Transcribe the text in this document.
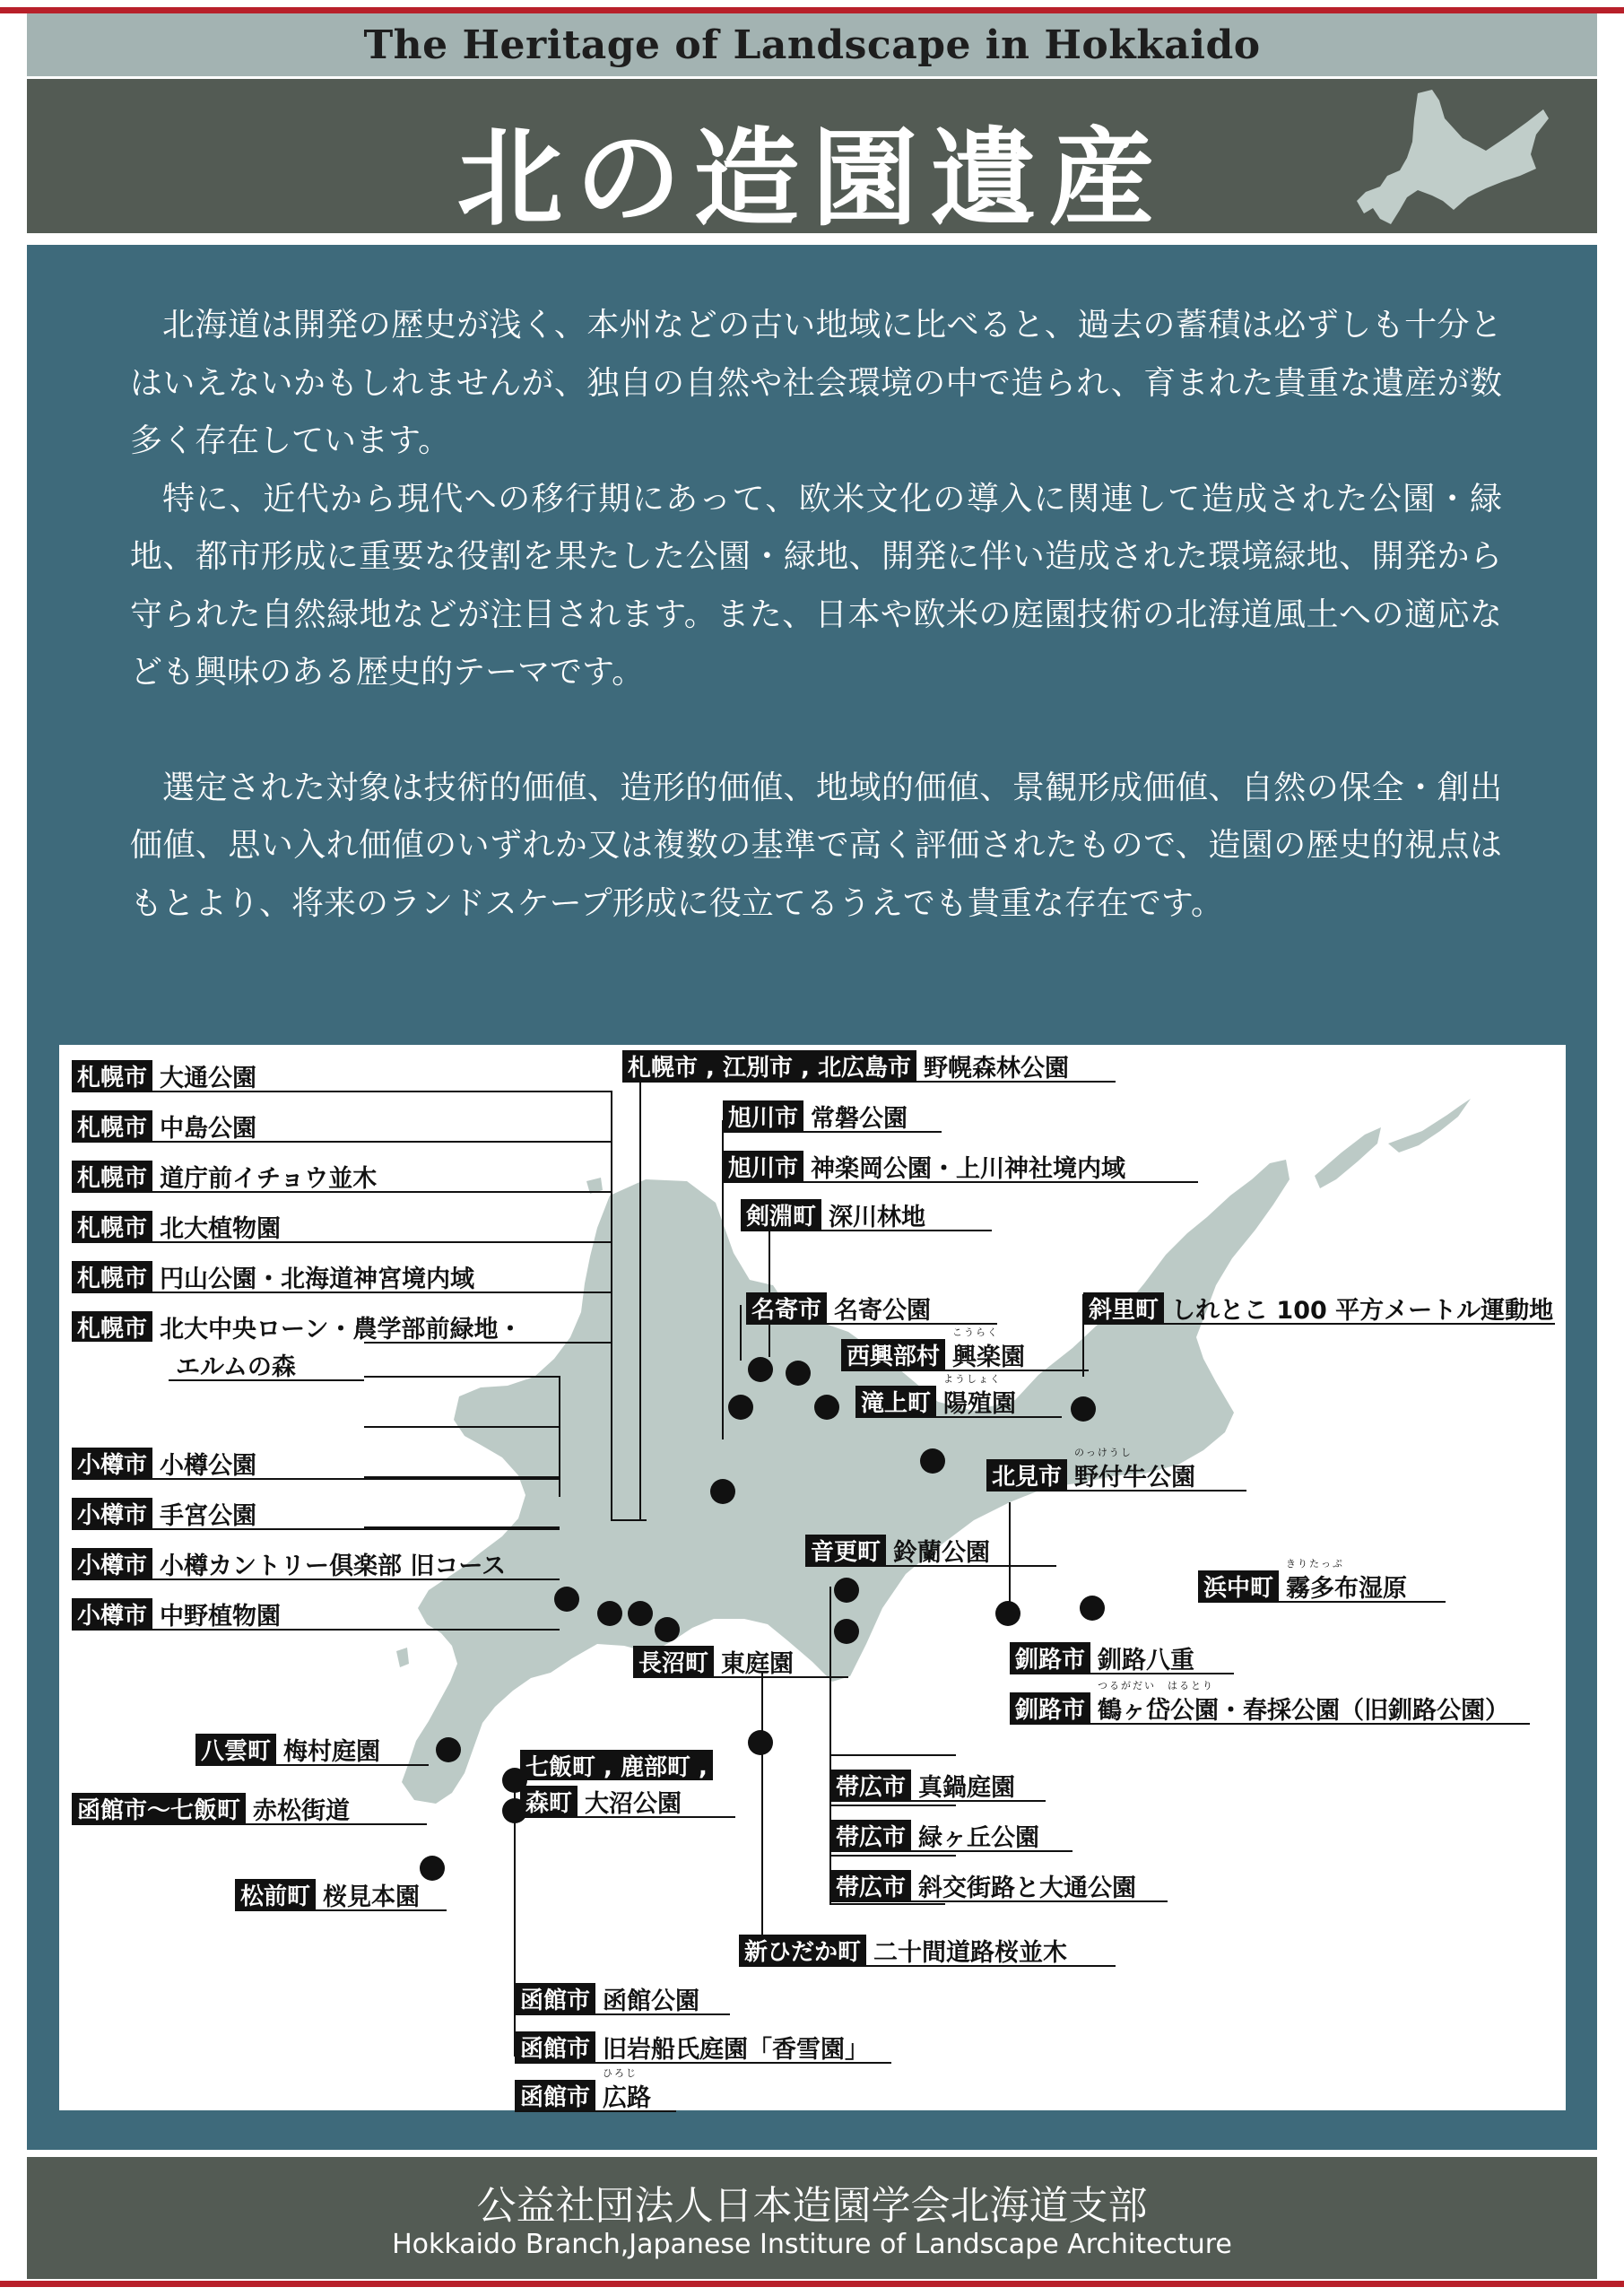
The Heritage of Landscape in Hokkaido
北の造園遺産

北海道は開発の歴史が浅く、本州などの古い地域に比べると、過去の蓄積は必ずしも十分とはいえないかもしれませんが、独自の自然や社会環境の中で造られ、育まれた貴重な遺産が数多く存在しています。

特に、近代から現代への移行期にあって、欧米文化の導入に関連して造成された公園・緑地、都市形成に重要な役割を果たした公園・緑地、開発に伴い造成された環境緑地、開発から守られた自然緑地などが注目されます。また、日本や欧米の庭園技術の北海道風土への適応なども興味のある歴史的テーマです。

選定された対象は技術的価値、造形的価値、地域的価値、景観形成価値、自然の保全・創出価値、思い入れ価値のいずれか又は複数の基準で高く評価されたもので、造園の歴史的視点はもとより、将来のランドスケープ形成に役立てるうえでも貴重な存在です。

札幌市 大通公園
札幌市 中島公園
札幌市 道庁前イチョウ並木
札幌市 北大植物園
札幌市 円山公園・北海道神宮境内域
札幌市 北大中央ローン・農学部前緑地・
エルムの森
小樽市 小樽公園
小樽市 手宮公園
小樽市 小樽カントリー倶楽部 旧コース
小樽市 中野植物園
札幌市 , 江別市 , 北広島市 野幌森林公園
旭川市 常磐公園
旭川市 神楽岡公園・上川神社境内域
剣淵町 深川林地
名寄市 名寄公園
西興部村 興楽園
こうらく
滝上町 陽殖園
ようしょく
斜里町 しれとこ 100 平方メートル運動地
北見市 野付牛公園
のっけうし
音更町 鈴蘭公園
浜中町 霧多布湿原
きりたっぷ
長沼町 東庭園	釧路市 釧路八重
釧路市 鶴ヶ岱公園・春採公園（旧釧路公園）
つるがだい　はるとり
八雲町 梅村庭園
函館市〜七飯町 赤松街道
七飯町 , 鹿部町 ,
森町 大沼公園
帯広市 真鍋庭園
帯広市 緑ヶ丘公園
帯広市 斜交街路と大通公園
松前町 桜見本園
新ひだか町 二十間道路桜並木
函館市 函館公園
函館市 旧岩船氏庭園「香雪園」
函館市 広路
ひろじ
公益社団法人日本造園学会北海道支部
Hokkaido Branch,Japanese Institure of Landscape Architecture
